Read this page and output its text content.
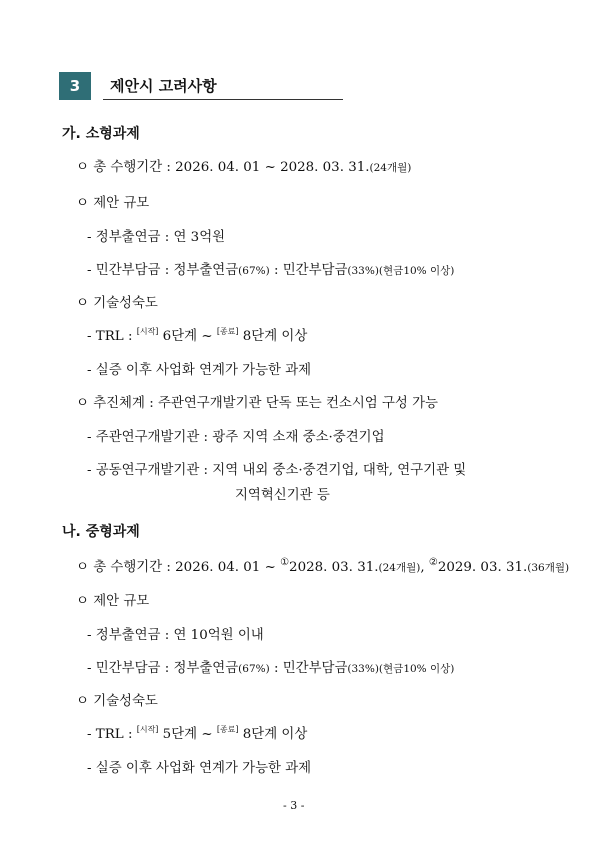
3	제안시 고려사항
가. 소형과제
ㅇ 총 수행기간 : 2026. 04. 01 ~ 2028. 03. 31.(24개월)
ㅇ 제안 규모
- 정부출연금 : 연 3억원
- 민간부담금 : 정부출연금(67%) : 민간부담금(33%)(현금10% 이상)
ㅇ 기술성숙도
- TRL : [시작] 6단계 ~ [종료] 8단계 이상
- 실증 이후 사업화 연계가 가능한 과제
ㅇ 추진체계 : 주관연구개발기관 단독 또는 컨소시엄 구성 가능
- 주관연구개발기관 : 광주 지역 소재 중소·중견기업
- 공동연구개발기관 : 지역 내외 중소·중견기업, 대학, 연구기관 및
지역혁신기관 등
나. 중형과제
ㅇ 총 수행기간 : 2026. 04. 01 ~ ①2028. 03. 31.(24개월), ②2029. 03. 31.(36개월)
ㅇ 제안 규모
- 정부출연금 : 연 10억원 이내
- 민간부담금 : 정부출연금(67%) : 민간부담금(33%)(현금10% 이상)
ㅇ 기술성숙도
- TRL : [시작] 5단계 ~ [종료] 8단계 이상
- 실증 이후 사업화 연계가 가능한 과제
- 3 -
